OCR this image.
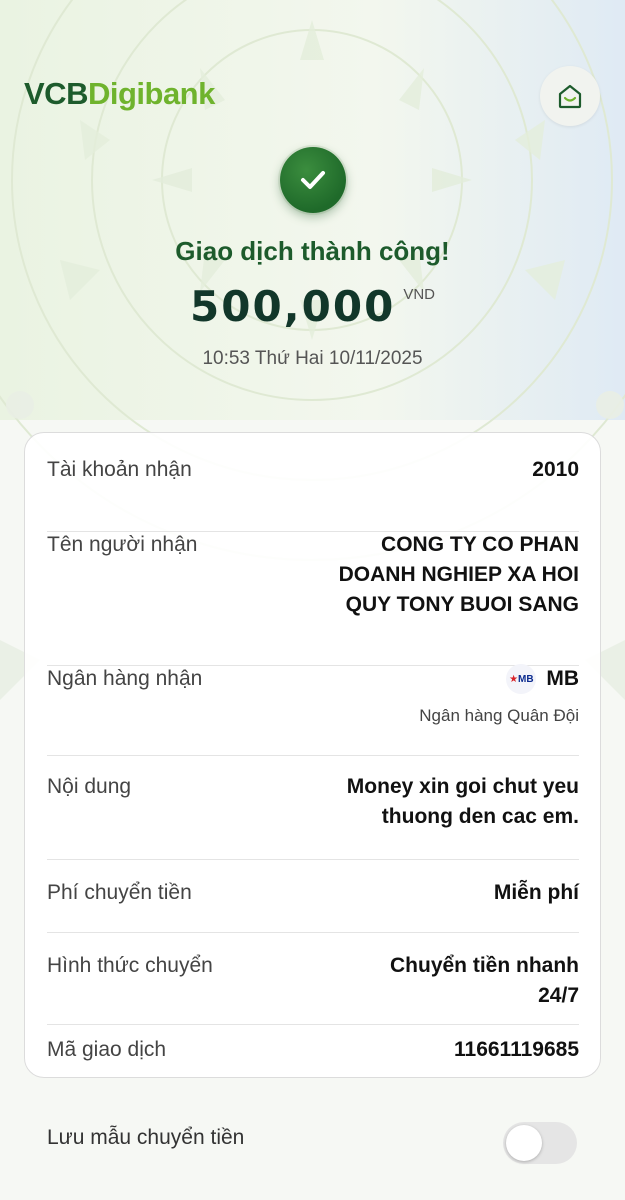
VCBDigibank
Giao dịch thành công!
500,000 VND
10:53 Thứ Hai 10/11/2025
Tài khoản nhận	2010
Tên người nhận	CONG TY CO PHAN
DOANH NGHIEP XA HOI
QUY TONY BUOI SANG
Ngân hàng nhận	★ MB MB
Ngân hàng Quân Đội
Nội dung	Money xin goi chut yeu
thuong den cac em.
Phí chuyển tiền	Miễn phí
Hình thức chuyển	Chuyển tiền nhanh
24/7
Mã giao dịch	11661119685
Lưu mẫu chuyển tiền
